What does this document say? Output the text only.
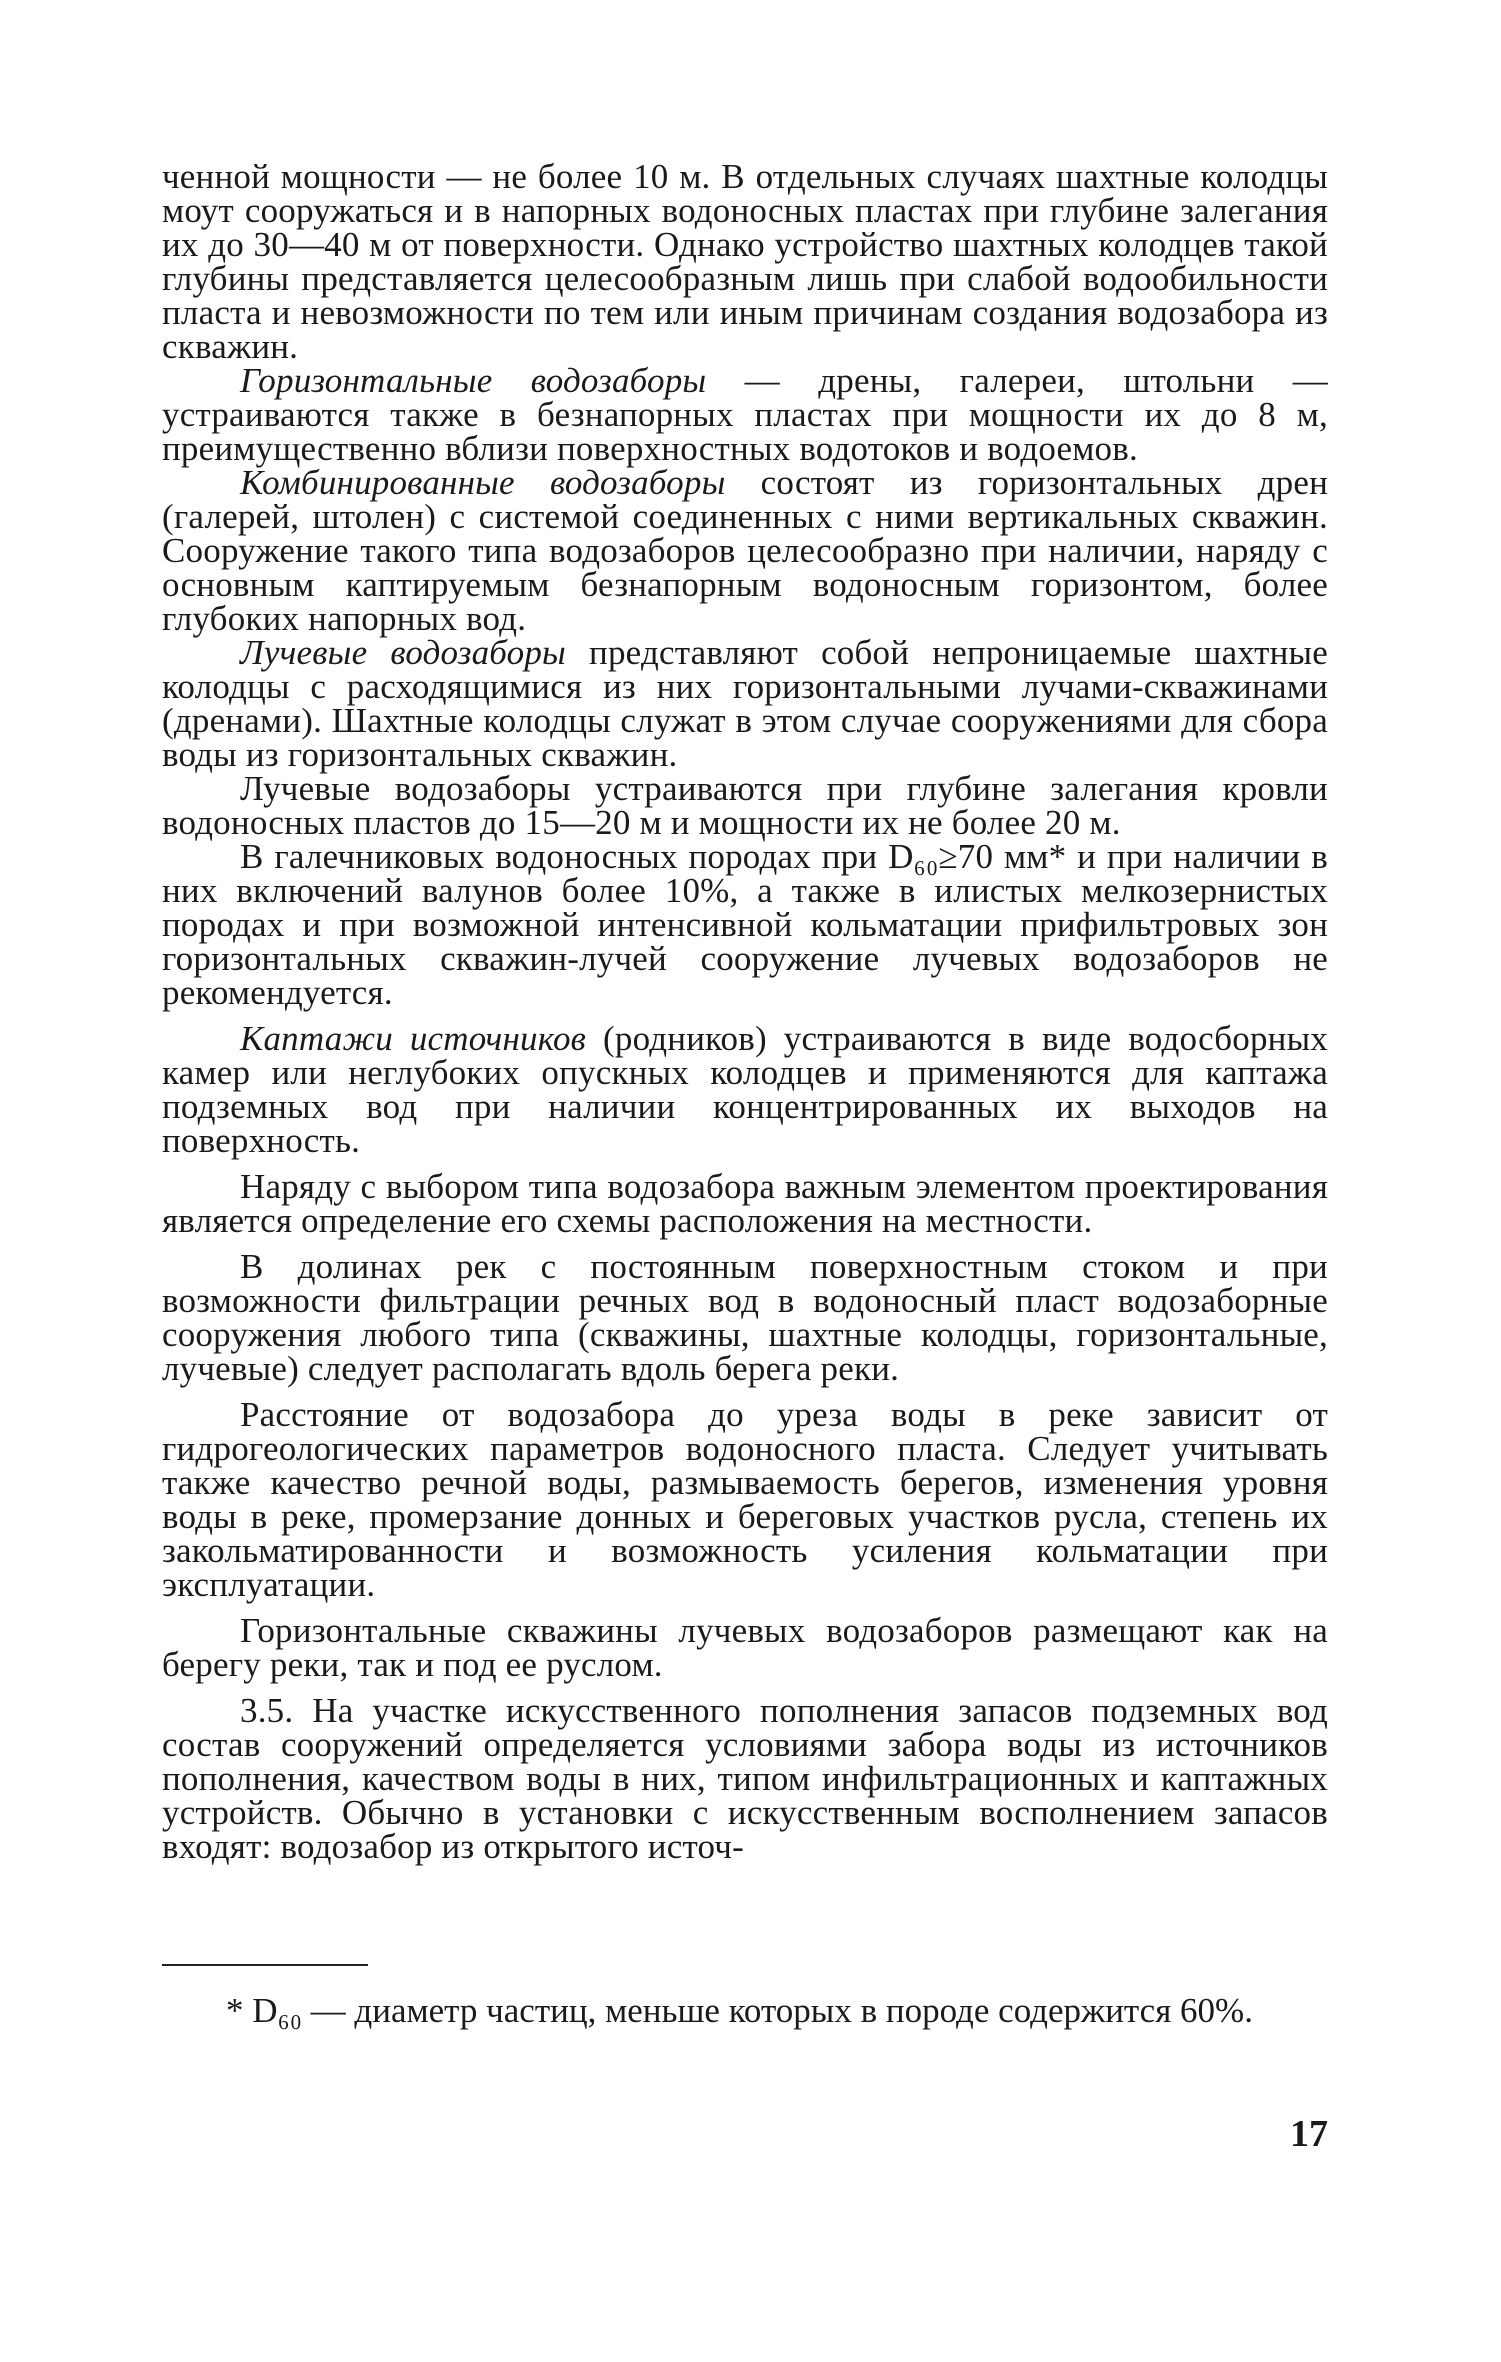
ченной мощности — не более 10 м. В отдельных случаях шахтные колодцы моут сооружаться и в напорных водоносных пластах при глубине залегания их до 30—40 м от поверхности. Однако устройство шахтных колодцев такой глубины представляется целесообразным лишь при слабой водообильности пласта и невозможности по тем или иным причинам создания водозабора из скважин.

Горизонтальные водозаборы — дрены, галереи, штольни — устраиваются также в безнапорных пластах при мощности их до 8 м, преимущественно вблизи поверхностных водотоков и водоемов.

Комбинированные водозаборы состоят из горизонтальных дрен (галерей, штолен) с системой соединенных с ними вертикальных скважин. Сооружение такого типа водозаборов целесообразно при наличии, наряду с основным каптируемым безнапорным водоносным горизонтом, более глубоких напорных вод.

Лучевые водозаборы представляют собой непроницаемые шахтные колодцы с расходящимися из них горизонтальными лучами-скважинами (дренами). Шахтные колодцы служат в этом случае сооружениями для сбора воды из горизонтальных скважин.

Лучевые водозаборы устраиваются при глубине залегания кровли водоносных пластов до 15—20 м и мощности их не более 20 м.

В галечниковых водоносных породах при D₆₀≥70 мм* и при наличии в них включений валунов более 10%, а также в илистых мелкозернистых породах и при возможной интенсивной кольматации прифильтровых зон горизонтальных скважин-лучей сооружение лучевых водозаборов не рекомендуется.

Каптажи источников (родников) устраиваются в виде водосборных камер или неглубоких опускных колодцев и применяются для каптажа подземных вод при наличии концентрированных их выходов на поверхность.

Наряду с выбором типа водозабора важным элементом проектирования является определение его схемы расположения на местности.

В долинах рек с постоянным поверхностным стоком и при возможности фильтрации речных вод в водоносный пласт водозаборные сооружения любого типа (скважины, шахтные колодцы, горизонтальные, лучевые) следует располагать вдоль берега реки.

Расстояние от водозабора до уреза воды в реке зависит от гидрогеологических параметров водоносного пласта. Следует учитывать также качество речной воды, размываемость берегов, изменения уровня воды в реке, промерзание донных и береговых участков русла, степень их закольматированности и возможность усиления кольматации при эксплуатации.

Горизонтальные скважины лучевых водозаборов размещают как на берегу реки, так и под ее руслом.

3.5. На участке искусственного пополнения запасов подземных вод состав сооружений определяется условиями забора воды из источников пополнения, качеством воды в них, типом инфильтрационных и каптажных устройств. Обычно в установки с искусственным восполнением запасов входят: водозабор из открытого источ-

* D₆₀ — диаметр частиц, меньше которых в породе содержится 60%.

17
